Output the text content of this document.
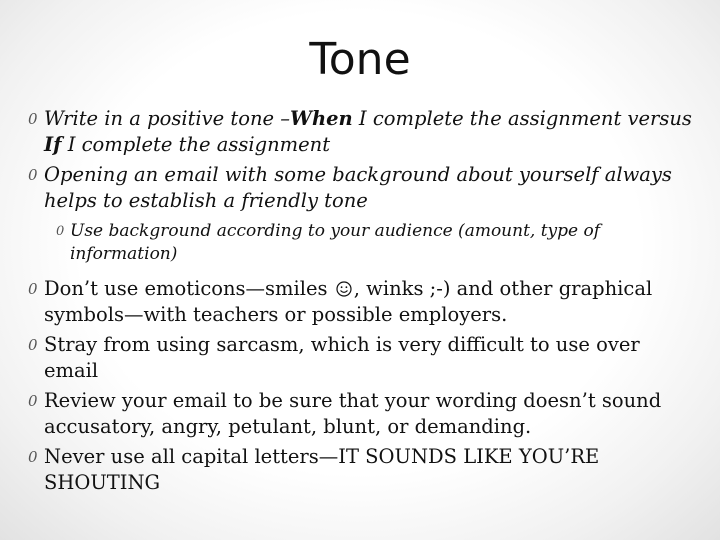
Tone
0 Write in a positive tone –When I complete the assignment versus If I complete the assignment
0 Opening an email with some background about yourself always helps to establish a friendly tone
0 Use background according to your audience (amount, type of information)
0 Don’t use emoticons—smiles , winks ;-) and other graphical symbols—with teachers or possible employers.
0 Stray from using sarcasm, which is very difficult to use over email
0 Review your email to be sure that your wording doesn’t sound accusatory, angry, petulant, blunt, or demanding.
0 Never use all capital letters—IT SOUNDS LIKE YOU’RE SHOUTING
